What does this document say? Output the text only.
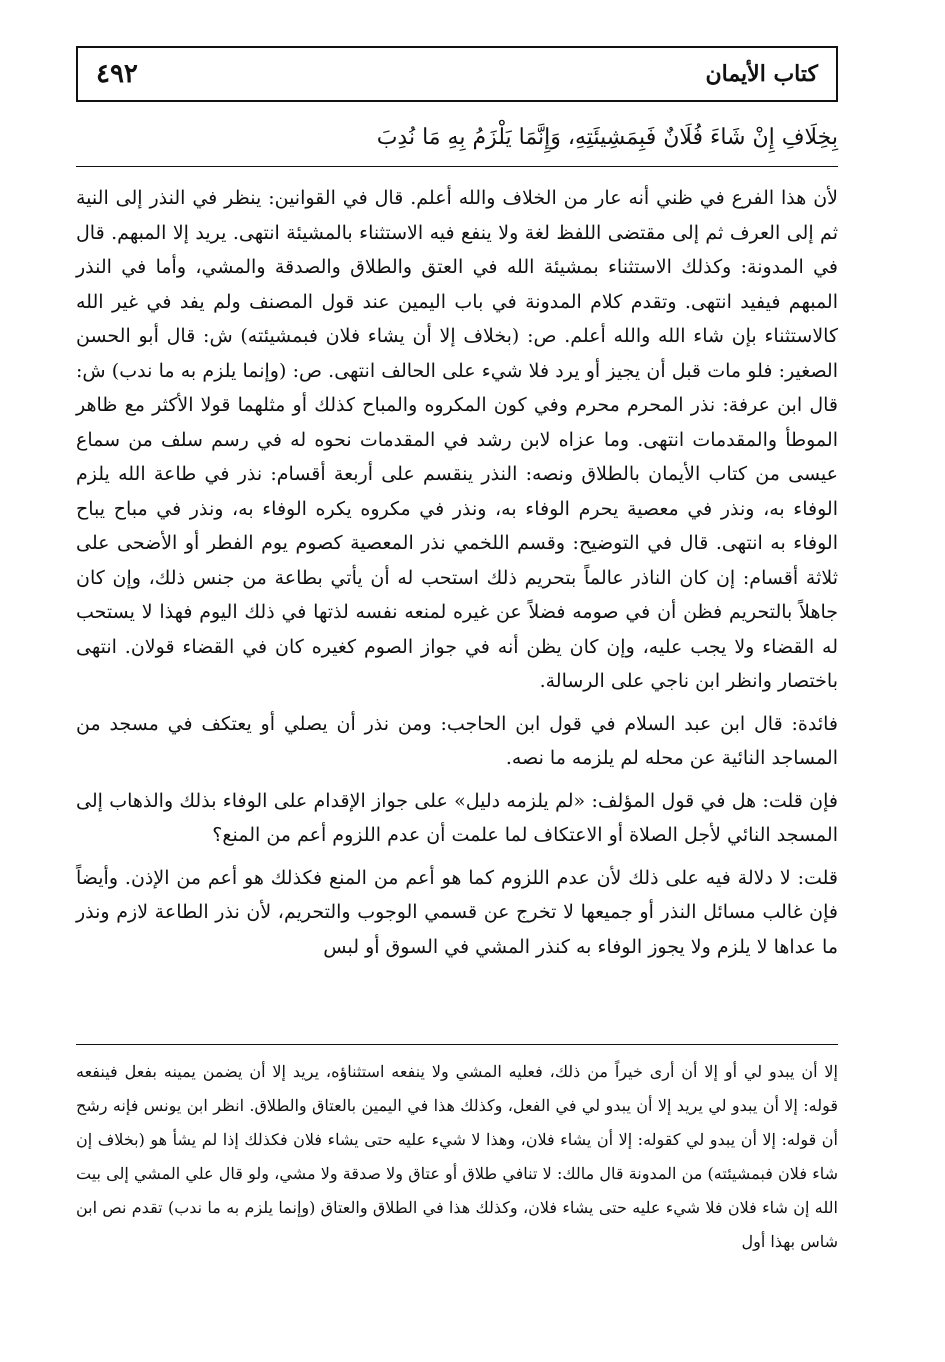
٤٩٢	كتاب الأيمان
بِخِلَافِ إِنْ شَاءَ فُلَانٌ فَبِمَشِيئَتِهِ، وَإِنَّمَا يَلْزَمُ بِهِ مَا نُدِبَ

لأن هذا الفرع في ظني أنه عار من الخلاف والله أعلم. قال في القوانين: ينظر في النذر إلى النية ثم إلى العرف ثم إلى مقتضى اللفظ لغة ولا ينفع فيه الاستثناء بالمشيئة انتهى. يريد إلا المبهم. قال في المدونة: وكذلك الاستثناء بمشيئة الله في العتق والطلاق والصدقة والمشي، وأما في النذر المبهم فيفيد انتهى. وتقدم كلام المدونة في باب اليمين عند قول المصنف ولم يفد في غير الله كالاستثناء بإن شاء الله والله أعلم. ص: (بخلاف إلا أن يشاء فلان فبمشيئته) ش: قال أبو الحسن الصغير: فلو مات قبل أن يجيز أو يرد فلا شيء على الحالف انتهى. ص: (وإنما يلزم به ما ندب) ش: قال ابن عرفة: نذر المحرم محرم وفي كون المكروه والمباح كذلك أو مثلهما قولا الأكثر مع ظاهر الموطأ والمقدمات انتهى. وما عزاه لابن رشد في المقدمات نحوه له في رسم سلف من سماع عيسى من كتاب الأيمان بالطلاق ونصه: النذر ينقسم على أربعة أقسام: نذر في طاعة الله يلزم الوفاء به، ونذر في معصية يحرم الوفاء به، ونذر في مكروه يكره الوفاء به، ونذر في مباح يباح الوفاء به انتهى. قال في التوضيح: وقسم اللخمي نذر المعصية كصوم يوم الفطر أو الأضحى على ثلاثة أقسام: إن كان الناذر عالماً بتحريم ذلك استحب له أن يأتي بطاعة من جنس ذلك، وإن كان جاهلاً بالتحريم فظن أن في صومه فضلاً عن غيره لمنعه نفسه لذتها في ذلك اليوم فهذا لا يستحب له القضاء ولا يجب عليه، وإن كان يظن أنه في جواز الصوم كغيره كان في القضاء قولان. انتهى باختصار وانظر ابن ناجي على الرسالة.

فائدة: قال ابن عبد السلام في قول ابن الحاجب: ومن نذر أن يصلي أو يعتكف في مسجد من المساجد النائية عن محله لم يلزمه ما نصه.

فإن قلت: هل في قول المؤلف: «لم يلزمه دليل» على جواز الإقدام على الوفاء بذلك والذهاب إلى المسجد النائي لأجل الصلاة أو الاعتكاف لما علمت أن عدم اللزوم أعم من المنع؟

قلت: لا دلالة فيه على ذلك لأن عدم اللزوم كما هو أعم من المنع فكذلك هو أعم من الإذن. وأيضاً فإن غالب مسائل النذر أو جميعها لا تخرج عن قسمي الوجوب والتحريم، لأن نذر الطاعة لازم ونذر ما عداها لا يلزم ولا يجوز الوفاء به كنذر المشي في السوق أو لبس

إلا أن يبدو لي أو إلا أن أرى خيراً من ذلك، فعليه المشي ولا ينفعه استثناؤه، يريد إلا أن يضمن يمينه بفعل فينفعه قوله: إلا أن يبدو لي يريد إلا أن يبدو لي في الفعل، وكذلك هذا في اليمين بالعتاق والطلاق. انظر ابن يونس فإنه رشح أن قوله: إلا أن يبدو لي كقوله: إلا أن يشاء فلان، وهذا لا شيء عليه حتى يشاء فلان فكذلك إذا لم يشأ هو (بخلاف إن شاء فلان فبمشيئته) من المدونة قال مالك: لا تنافي طلاق أو عتاق ولا صدقة ولا مشي، ولو قال علي المشي إلى بيت الله إن شاء فلان فلا شيء عليه حتى يشاء فلان، وكذلك هذا في الطلاق والعتاق (وإنما يلزم به ما ندب) تقدم نص ابن شاس بهذا أول
